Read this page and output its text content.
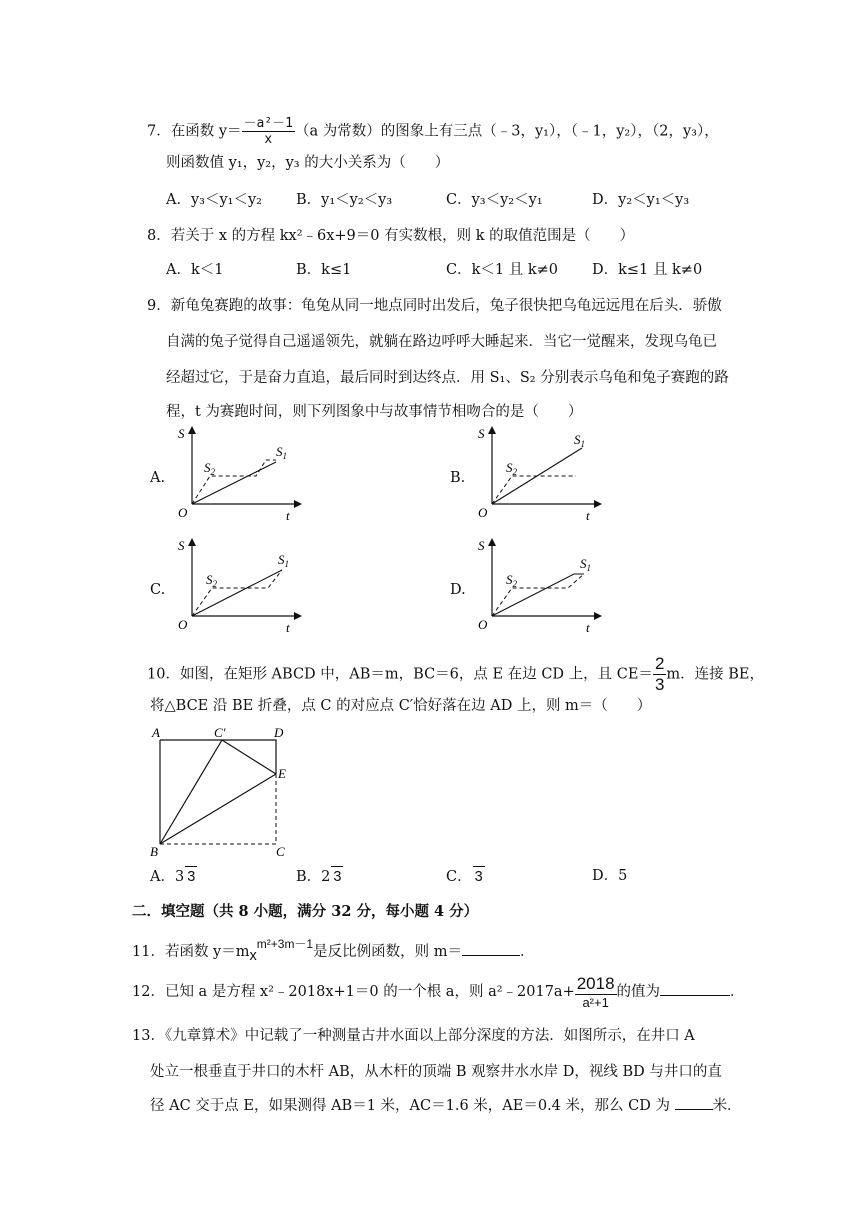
7．在函数 $y= \frac{\text{－a²－1}}{x} (a$ 为常数）的图象上有三点（﹣3，y₁），（﹣1，y₂），（2，y₃），
则函数值 y₁，y₂，y₃ 的大小关系为（　　）
A．y₃＜y₁＜y₂ B．y₁＜y₂＜y₃	C．y₃＜y₂＜y₁	D．y₂＜y₁＜y₃
8．若关于 x 的方程 kx²﹣6x+9＝0 有实数根，则 k 的取值范围是（　　）
A．k＜1	B．k≤1	C．k＜1 且 k≠0 D．k≤1 且 k≠0
9．新龟兔赛跑的故事：龟兔从同一地点同时出发后，兔子很快把乌龟远远甩在后头．骄傲
自满的兔子觉得自己遥遥领先，就躺在路边呼呼大睡起来．当它一觉醒来，发现乌龟已
经超过它，于是奋力直追，最后同时到达终点．用 S₁、S₂ 分别表示乌龟和兔子赛跑的路
程，t 为赛跑时间，则下列图象中与故事情节相吻合的是（　　）
A.	B.
C.	D.
S
t
O
$S_1$
$S_2$
S
t
O
$S_1$
$S_2$
S
t
O
$S_1$
$S_2$
S
t
O
$S_1$
$S_2$
10．如图，在矩形 ABCD 中，AB＝m，BC＝6，点 E 在边 CD 上，且 $CE= \frac{2}{3}$ m．连接 BE，
将△BCE 沿 BE 折叠，点 C 的对应点 C′恰好落在边 AD 上，则 m＝（　　）
A	C′	D
E
B	C
A．3 3	B．2 3	C． 3	D．5
二．填空题（共 8 小题，满分 32 分，每小题 4 分）
11．若函数 $y=mx^{m^2+3m-1}$是反比例函数，则 m＝	．
12．已知 a 是方程 x²﹣2018x+1＝0 的一个根 a，则 a²﹣2017a+ $\frac{2018}{\text{a²+1}}$ 的值为	．
13．《九章算术》中记载了一种测量古井水面以上部分深度的方法．如图所示，在井口 A
处立一根垂直于井口的木杆 AB，从木杆的顶端 B 观察井水水岸 D，视线 BD 与井口的直
径 AC 交于点 E，如果测得 AB＝1 米，AC＝1.6 米，AE＝0.4 米，那么 CD 为	米．
